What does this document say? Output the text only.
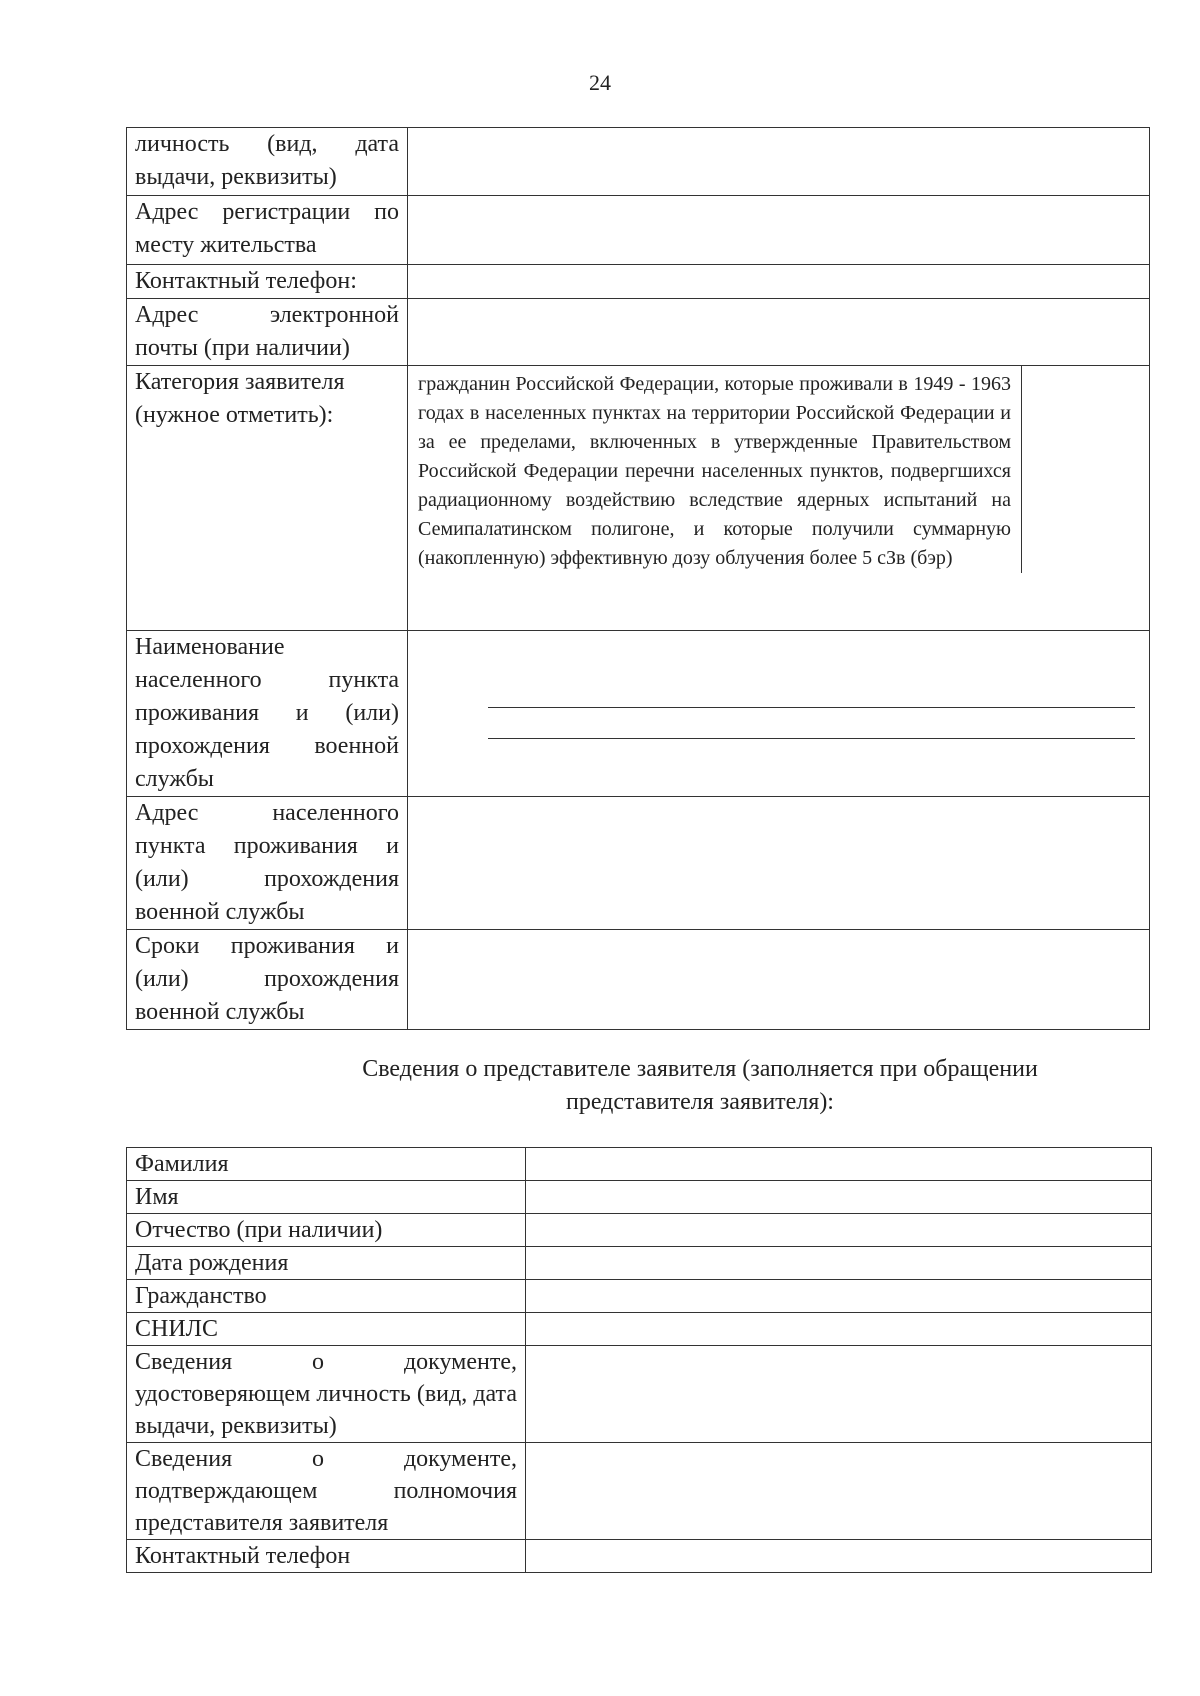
24
личность (вид, дата выдачи, реквизиты)	
Адрес регистрации по месту жительства	
Контактный телефон:	
Адрес электронной почты (при наличии)	
Категория заявителя (нужное отметить):	гражданин Российской Федерации, которые проживали в 1949 - 1963 годах в населенных пунктах на территории Российской Федерации и за ее пределами, включенных в утвержденные Правительством Российской Федерации перечни населенных пунктов, подвергшихся радиационному воздействию вследствие ядерных испытаний на Семипалатинском полигоне, и которые получили суммарную (накопленную) эффективную дозу облучения более 5 сЗв (бэр)

Наименование населенного пункта проживания и (или) прохождения военной службы	

Адрес населенного пункта проживания и (или) прохождения военной службы	
Сроки проживания и (или) прохождения военной службы	
Сведения о представителе заявителя (заполняется при обращении представителя заявителя):
Фамилия	
Имя	
Отчество (при наличии)	
Дата рождения	
Гражданство	
СНИЛС	
Сведения о документе, удостоверяющем личность (вид, дата выдачи, реквизиты)	
Сведения о документе, подтверждающем полномочия представителя заявителя	
Контактный телефон	
